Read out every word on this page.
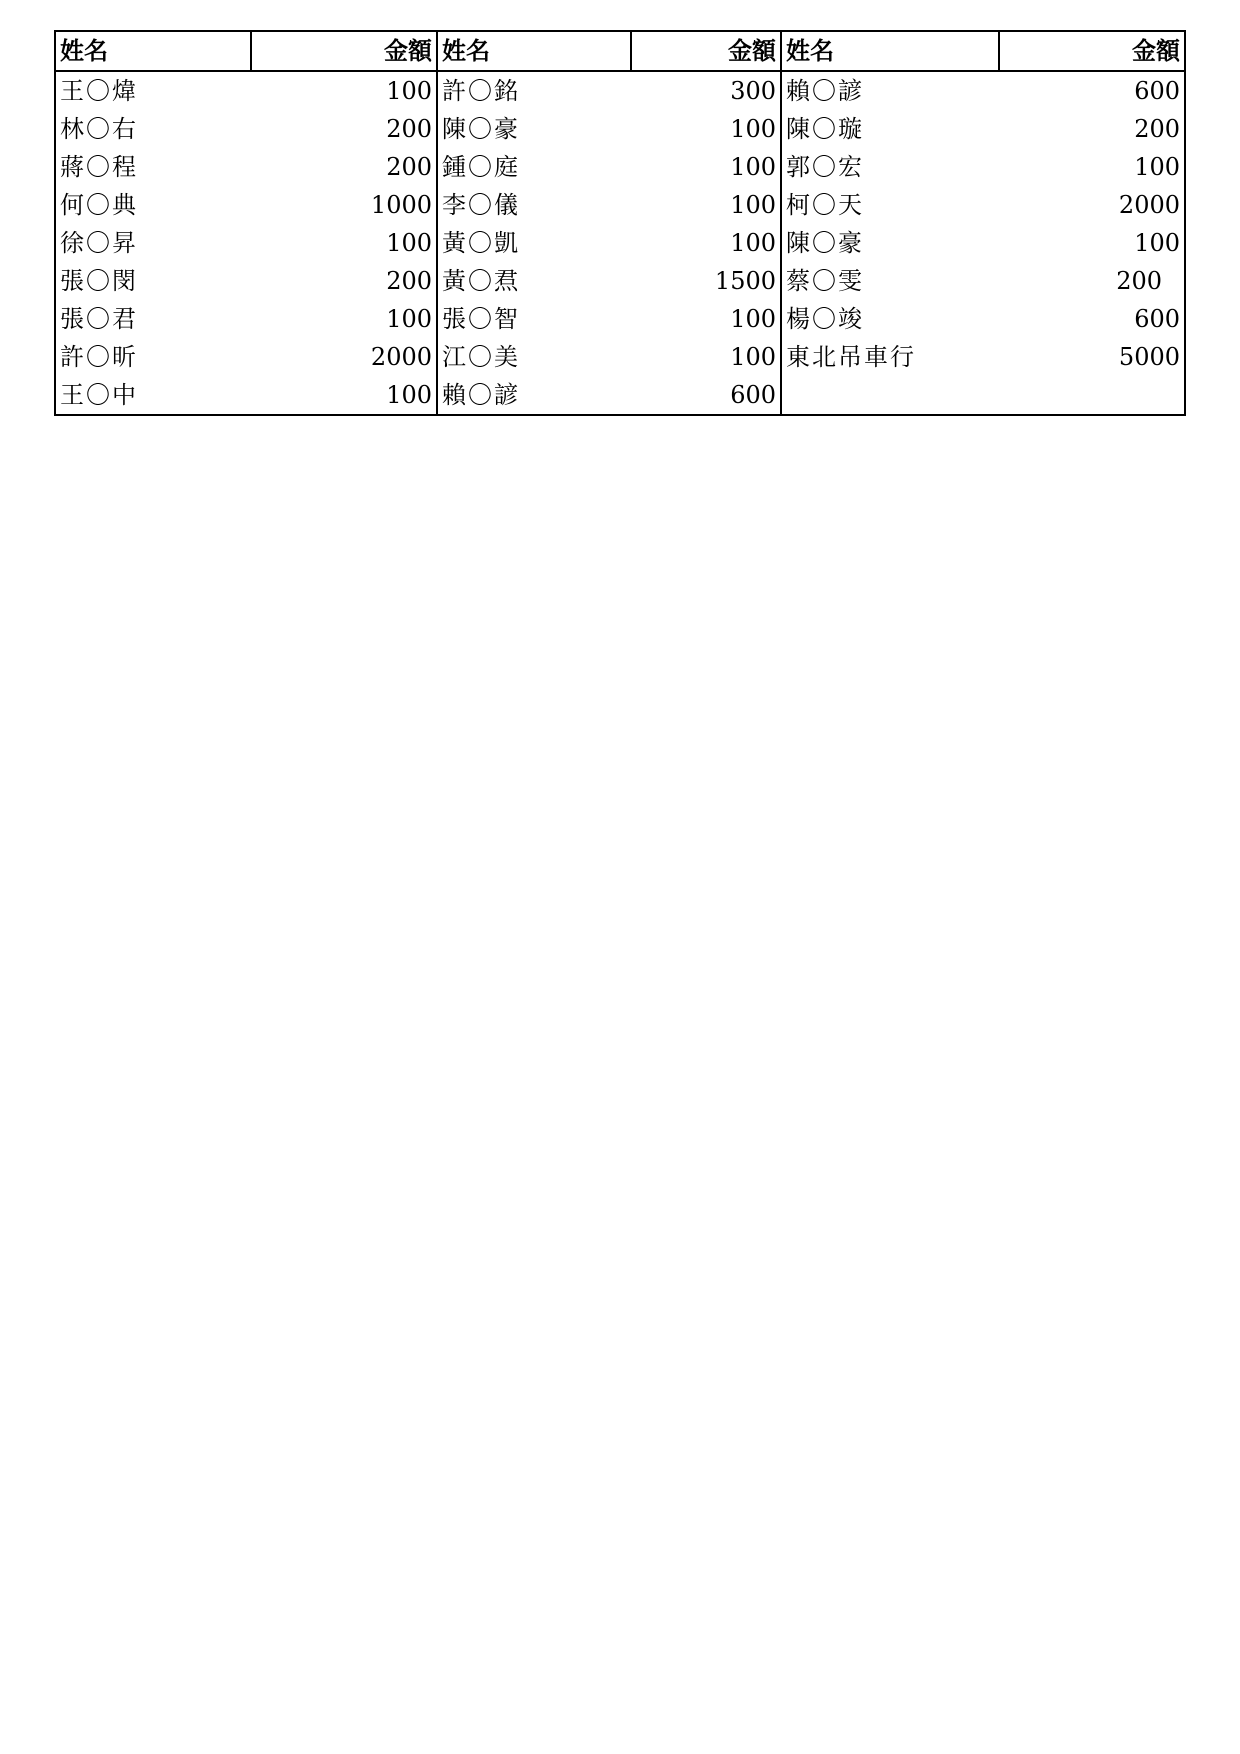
姓名	金額	姓名	金額	姓名	金額
王〇煒	100	許〇銘	300	賴〇諺	600
林〇右	200	陳〇豪	100	陳〇璇	200
蔣〇程	200	鍾〇庭	100	郭〇宏	100
何〇典	1000	李〇儀	100	柯〇天	2000
徐〇昇	100	黃〇凱	100	陳〇豪	100
張〇閔	200	黃〇焄	1500	蔡〇雯	200
張〇君	100	張〇智	100	楊〇竣	600
許〇昕	2000	江〇美	100	東北吊車行	5000
王〇中	100	賴〇諺	600		
